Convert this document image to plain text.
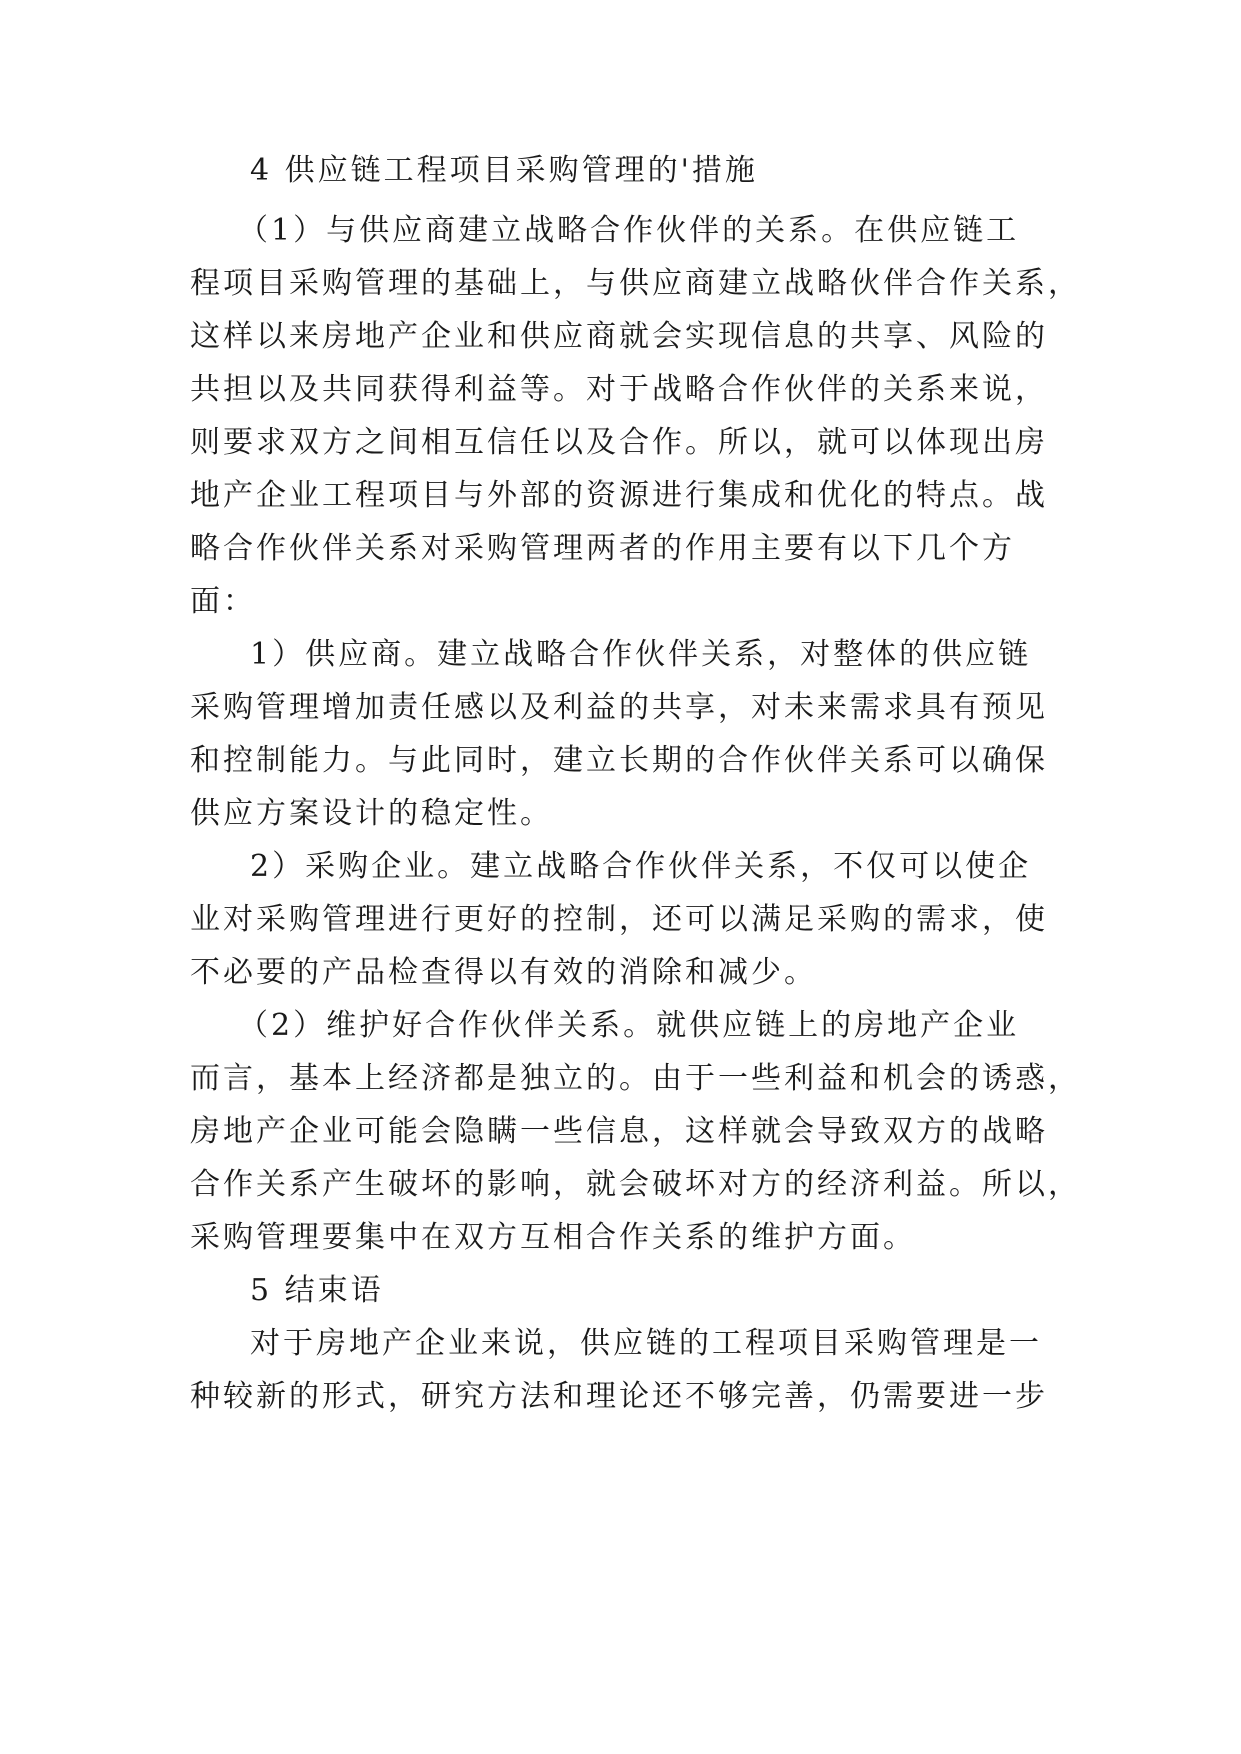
4 供应链工程项目采购管理的'措施
（1）与供应商建立战略合作伙伴的关系。在供应链工
程项目采购管理的基础上，与供应商建立战略伙伴合作关系，
这样以来房地产企业和供应商就会实现信息的共享、风险的
共担以及共同获得利益等。对于战略合作伙伴的关系来说，
则要求双方之间相互信任以及合作。所以，就可以体现出房
地产企业工程项目与外部的资源进行集成和优化的特点。战
略合作伙伴关系对采购管理两者的作用主要有以下几个方
面：
1）供应商。建立战略合作伙伴关系，对整体的供应链
采购管理增加责任感以及利益的共享，对未来需求具有预见
和控制能力。与此同时，建立长期的合作伙伴关系可以确保
供应方案设计的稳定性。
2）采购企业。建立战略合作伙伴关系，不仅可以使企
业对采购管理进行更好的控制，还可以满足采购的需求，使
不必要的产品检查得以有效的消除和减少。
（2）维护好合作伙伴关系。就供应链上的房地产企业
而言，基本上经济都是独立的。由于一些利益和机会的诱惑，
房地产企业可能会隐瞒一些信息，这样就会导致双方的战略
合作关系产生破坏的影响，就会破坏对方的经济利益。所以，
采购管理要集中在双方互相合作关系的维护方面。
5 结束语
对于房地产企业来说，供应链的工程项目采购管理是一
种较新的形式，研究方法和理论还不够完善，仍需要进一步
